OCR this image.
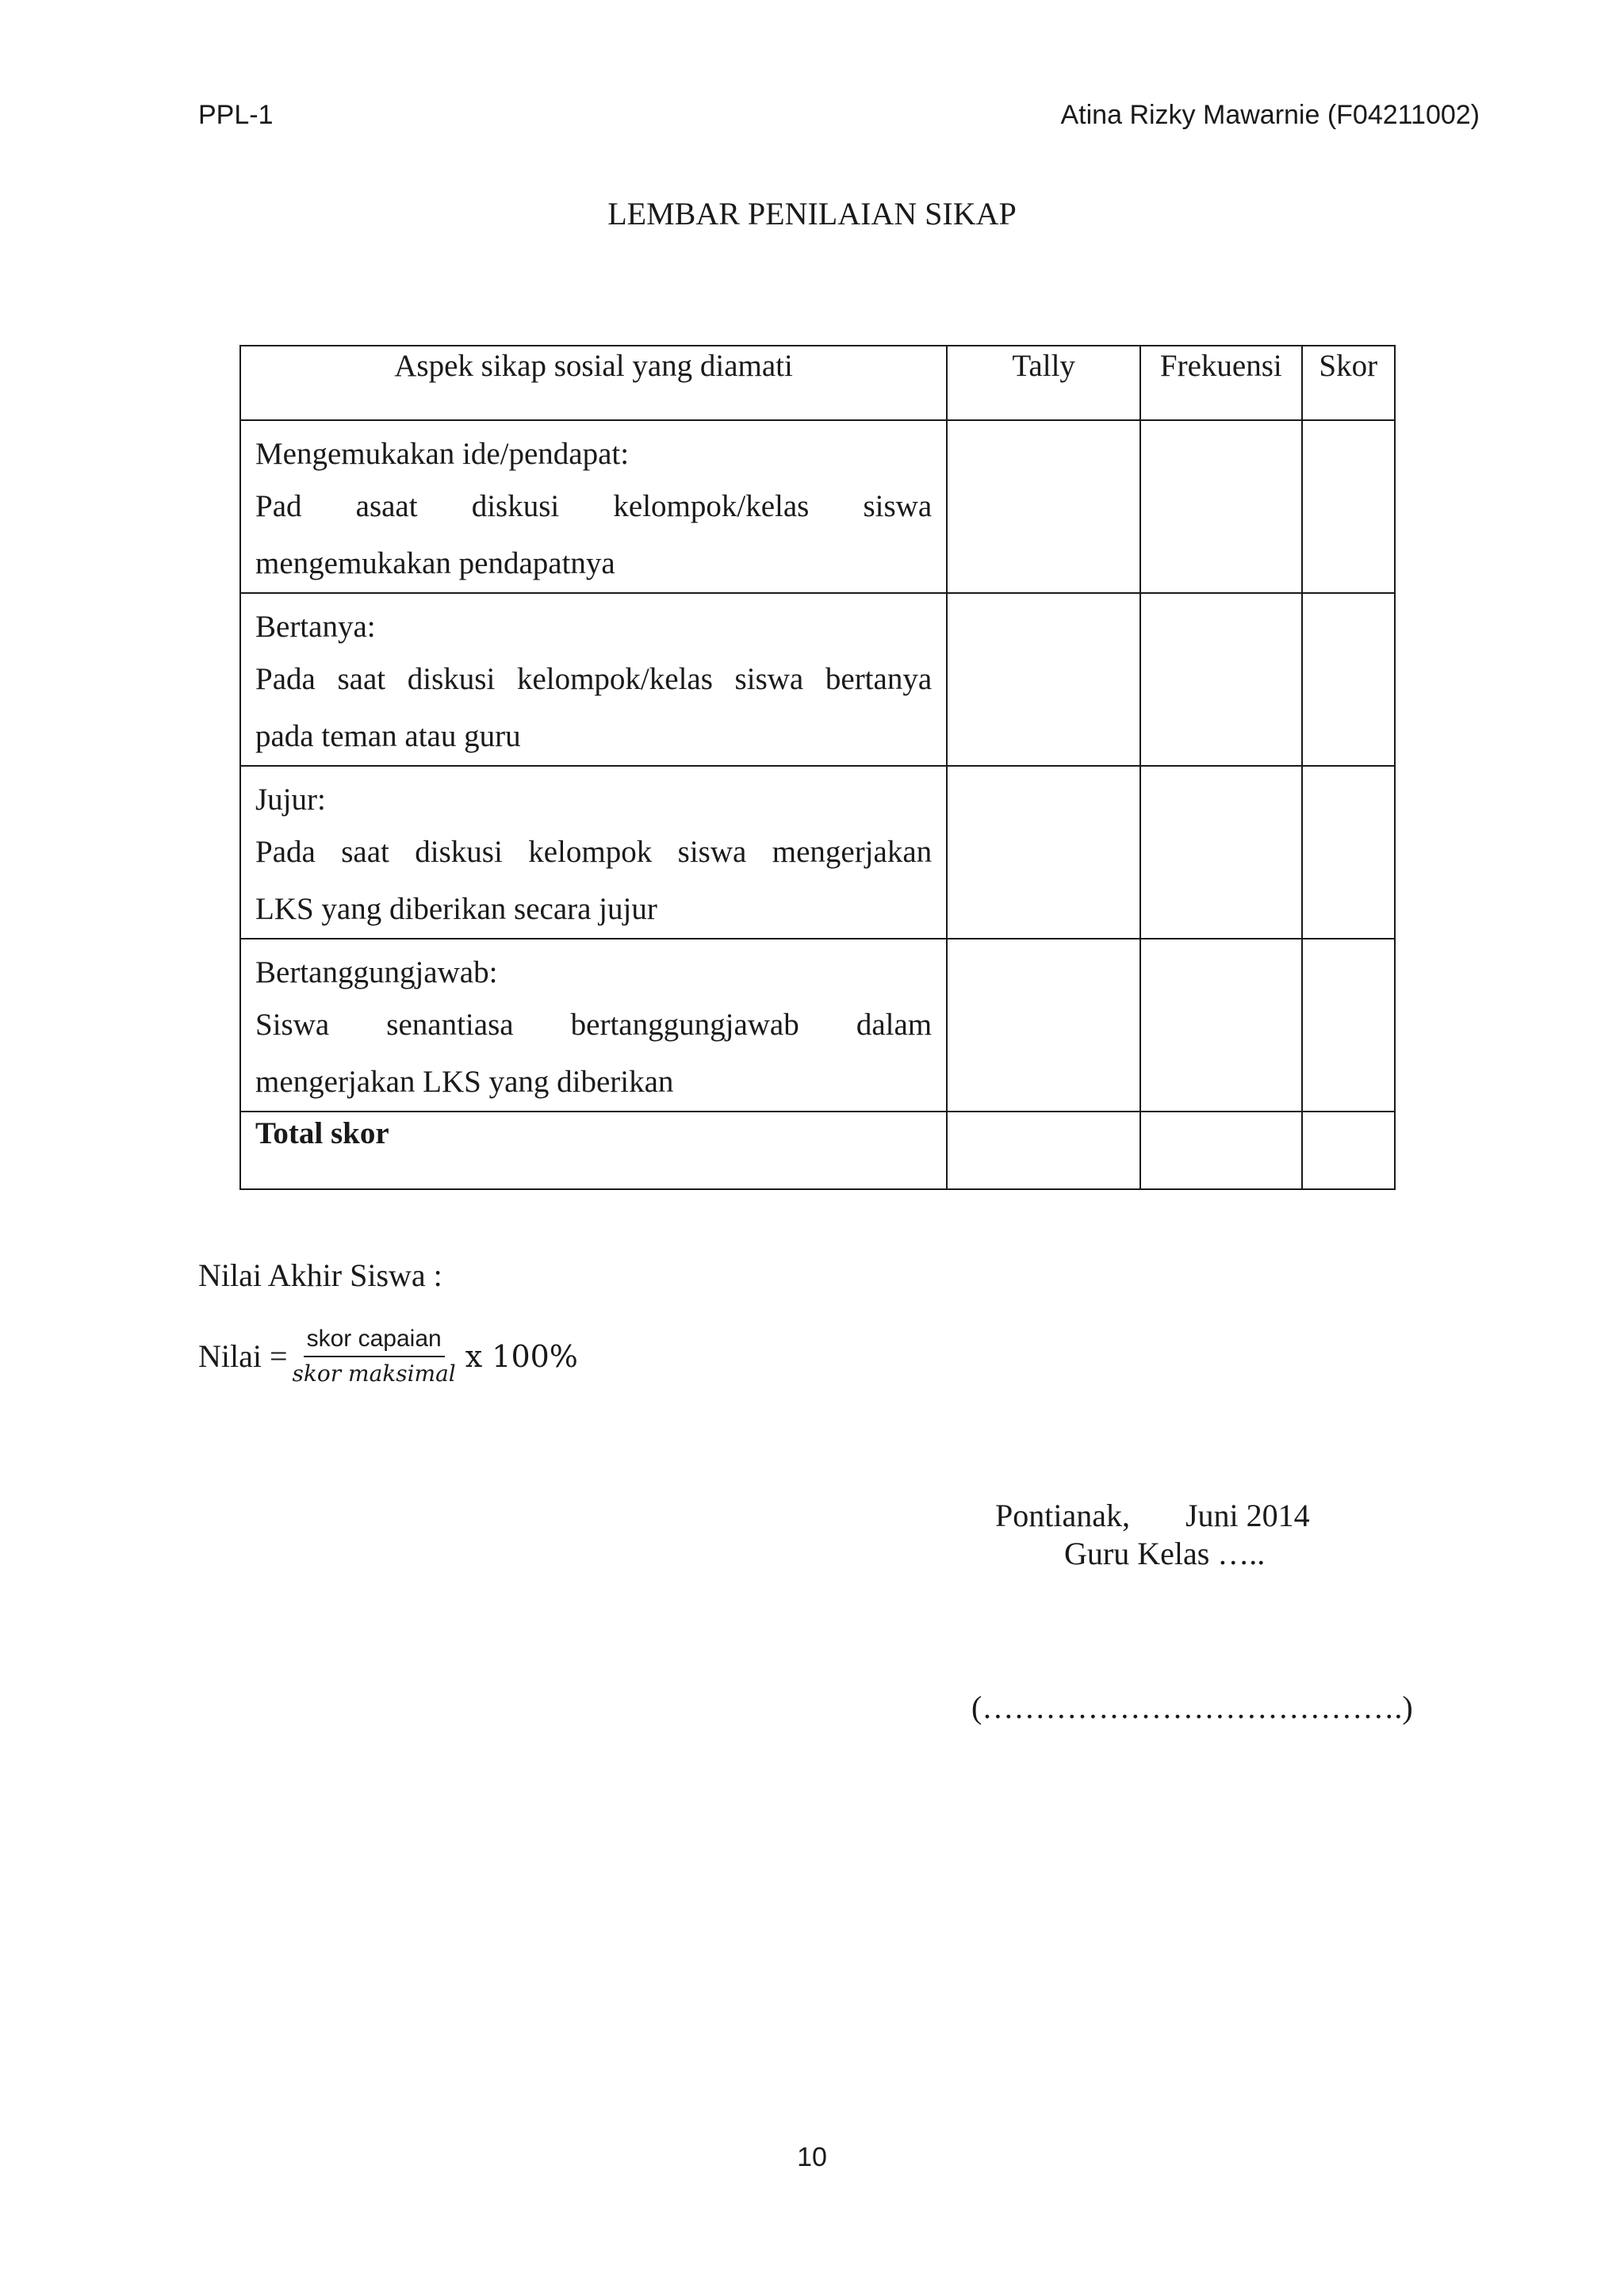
PPL-1	Atina Rizky Mawarnie (F04211002)
LEMBAR PENILAIAN SIKAP
Aspek sikap sosial yang diamati	Tally	Frekuensi	Skor

Mengemukakan ide/pendapat:
Pad asaat diskusi kelompok/kelas siswa
mengemukakan pendapatnya			

Bertanya:
Pada saat diskusi kelompok/kelas siswa bertanya
pada teman atau guru			

Jujur:
Pada saat diskusi kelompok siswa mengerjakan
LKS yang diberikan secara jujur			

Bertanggungjawab:
Siswa senantiasa bertanggungjawab dalam
mengerjakan LKS yang diberikan			

Total skor			
Nilai Akhir Siswa :
Nilai = $\frac{\text{skor capaian}}{\text{skor maksimal}}$ x 100%
Pontianak,       Juni 2014
Guru Kelas …..
(………………………………….)
10
